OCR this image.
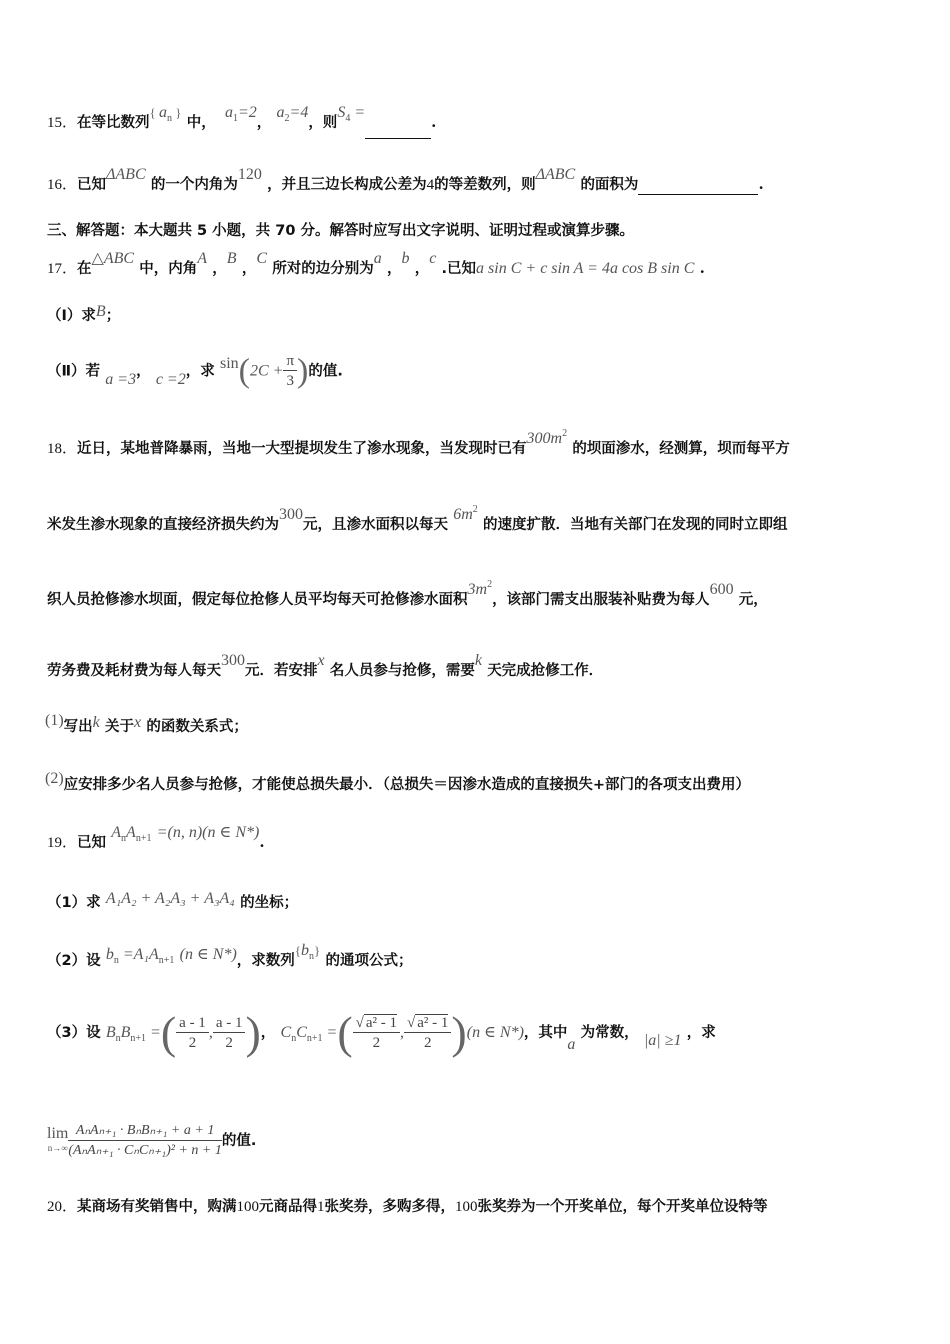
15．在等比数列{ $a_n$ } 中，  $a_1=2$， $a_2=4$，则$S_4$ =.
16．已知ΔABC 的一个内角为120 ，并且三边长构成公差为4的等差数列，则ΔABC 的面积为	.
三、解答题：本大题共 5 小题，共 70 分。解答时应写出文字说明、证明过程或演算步骤。
17．在△ABC 中，内角A ，B ，C 所对的边分别为a ，b ，c .已知a sin C + c sin A = 4a cos B sin C .
（Ⅰ）求B；
（Ⅱ）若 a =3， c =2，求 $\sin(2C + \frac{\pi}{3}$ )的值.
18．近日，某地普降暴雨，当地一大型提坝发生了渗水现象，当发现时已有$300m^2$ 的坝面渗水，经测算，坝而每平方
米发生渗水现象的直接经济损失约为300元，且渗水面积以每天 $6m^2$ 的速度扩散．当地有关部门在发现的同时立即组
织人员抢修渗水坝面，假定每位抢修人员平均每天可抢修渗水面积$3m^2$，该部门需支出服装补贴费为每人600 元，
劳务费及耗材费为每人每天300元．若安排x 名人员参与抢修，需要k 天完成抢修工作．
(1)写出k 关于x 的函数关系式；
(2)应安排多少名人员参与抢修，才能使总损失最小．（总损失＝因渗水造成的直接损失+部门的各项支出费用）
19．已知 $A_nA_{n+1} =(n$, n)(n ∈ N*).
（1）求 A₁A₂ + A₂A₃ + A₃A₄ 的坐标；
（2）设 $b_n =A_1A_{n+1}$ (n ∈ N*)，求数列$\{b_n\}$ 的通项公式；
（3）设 $B_nB_{n+1}$ =( $\frac{a - 1}{2}$ , $\frac{a - 1}{2}$ )， $C_nC_{n+1}$ =( $\frac{\text{√ a² - 1}}{2}$ , $\frac{\text{√ a² - 1}}{2} )(n$ ∈ N*)，其中a 为常数， |a| ≥1 ，求
lim
$n\to\infty \frac{\text{AₙAₙ₊₁ · BₙBₙ₊₁ + a + 1}}{\text{(AₙAₙ₊₁ · CₙCₙ₊₁)² + n + 1}}$ 的值.
20．某商场有奖销售中，购满100元商品得1张奖券，多购多得，100张奖券为一个开奖单位，每个开奖单位设特等
